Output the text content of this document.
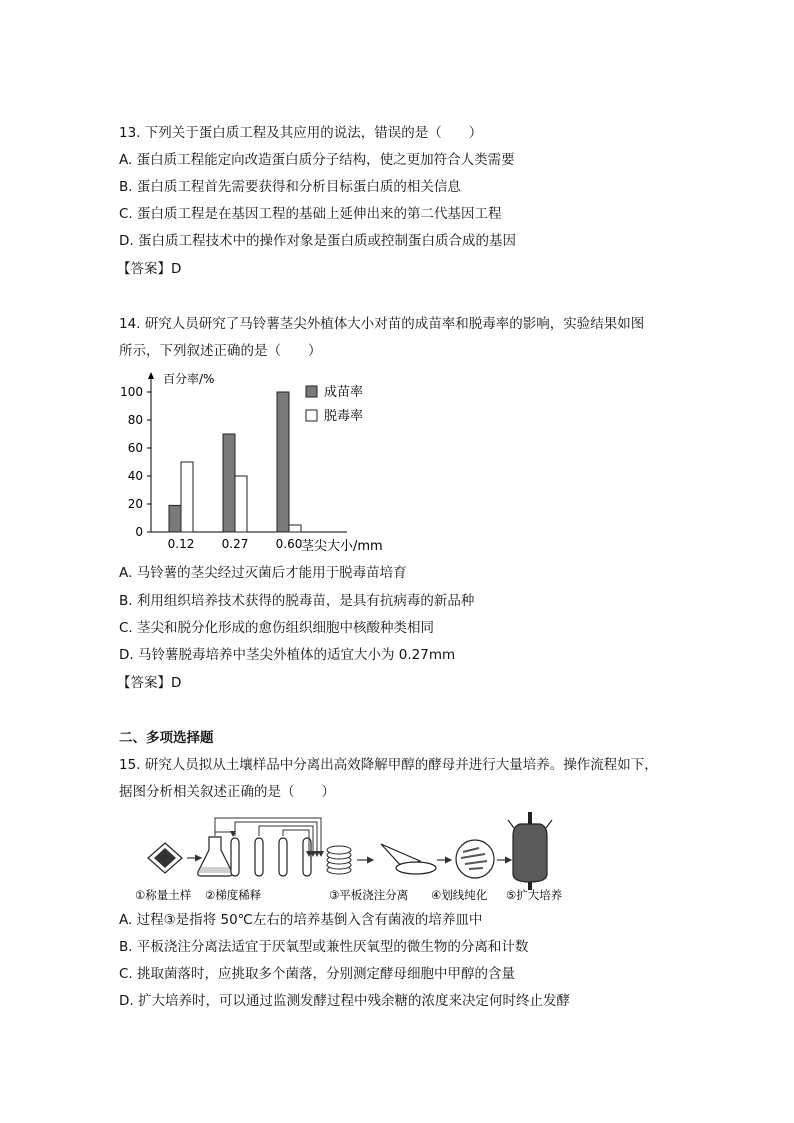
13. 下列关于蛋白质工程及其应用的说法，错误的是（　　）
A. 蛋白质工程能定向改造蛋白质分子结构，使之更加符合人类需要
B. 蛋白质工程首先需要获得和分析目标蛋白质的相关信息
C. 蛋白质工程是在基因工程的基础上延伸出来的第二代基因工程
D. 蛋白质工程技术中的操作对象是蛋白质或控制蛋白质合成的基因
【答案】D
14. 研究人员研究了马铃薯茎尖外植体大小对苗的成苗率和脱毒率的影响，实验结果如图
所示，下列叙述正确的是（　　）
百分率/%
茎尖大小/mm
0
20
40
60
80
100
0.12 0.27 0.60
成苗率
脱毒率
A. 马铃薯的茎尖经过灭菌后才能用于脱毒苗培育
B. 利用组织培养技术获得的脱毒苗，是具有抗病毒的新品种
C. 茎尖和脱分化形成的愈伤组织细胞中核酸种类相同
D. 马铃薯脱毒培养中茎尖外植体的适宜大小为 0.27mm
【答案】D
二、多项选择题
15. 研究人员拟从土壤样品中分离出高效降解甲醇的酵母并进行大量培养。操作流程如下，
据图分析相关叙述正确的是（　　）
①称量土样 ②梯度稀释	③平板浇注分离 ④划线纯化 ⑤扩大培养
A. 过程③是指将 50℃左右的培养基倒入含有菌液的培养皿中
B. 平板浇注分离法适宜于厌氧型或兼性厌氧型的微生物的分离和计数
C. 挑取菌落时，应挑取多个菌落，分别测定酵母细胞中甲醇的含量
D. 扩大培养时，可以通过监测发酵过程中残余糖的浓度来决定何时终止发酵
